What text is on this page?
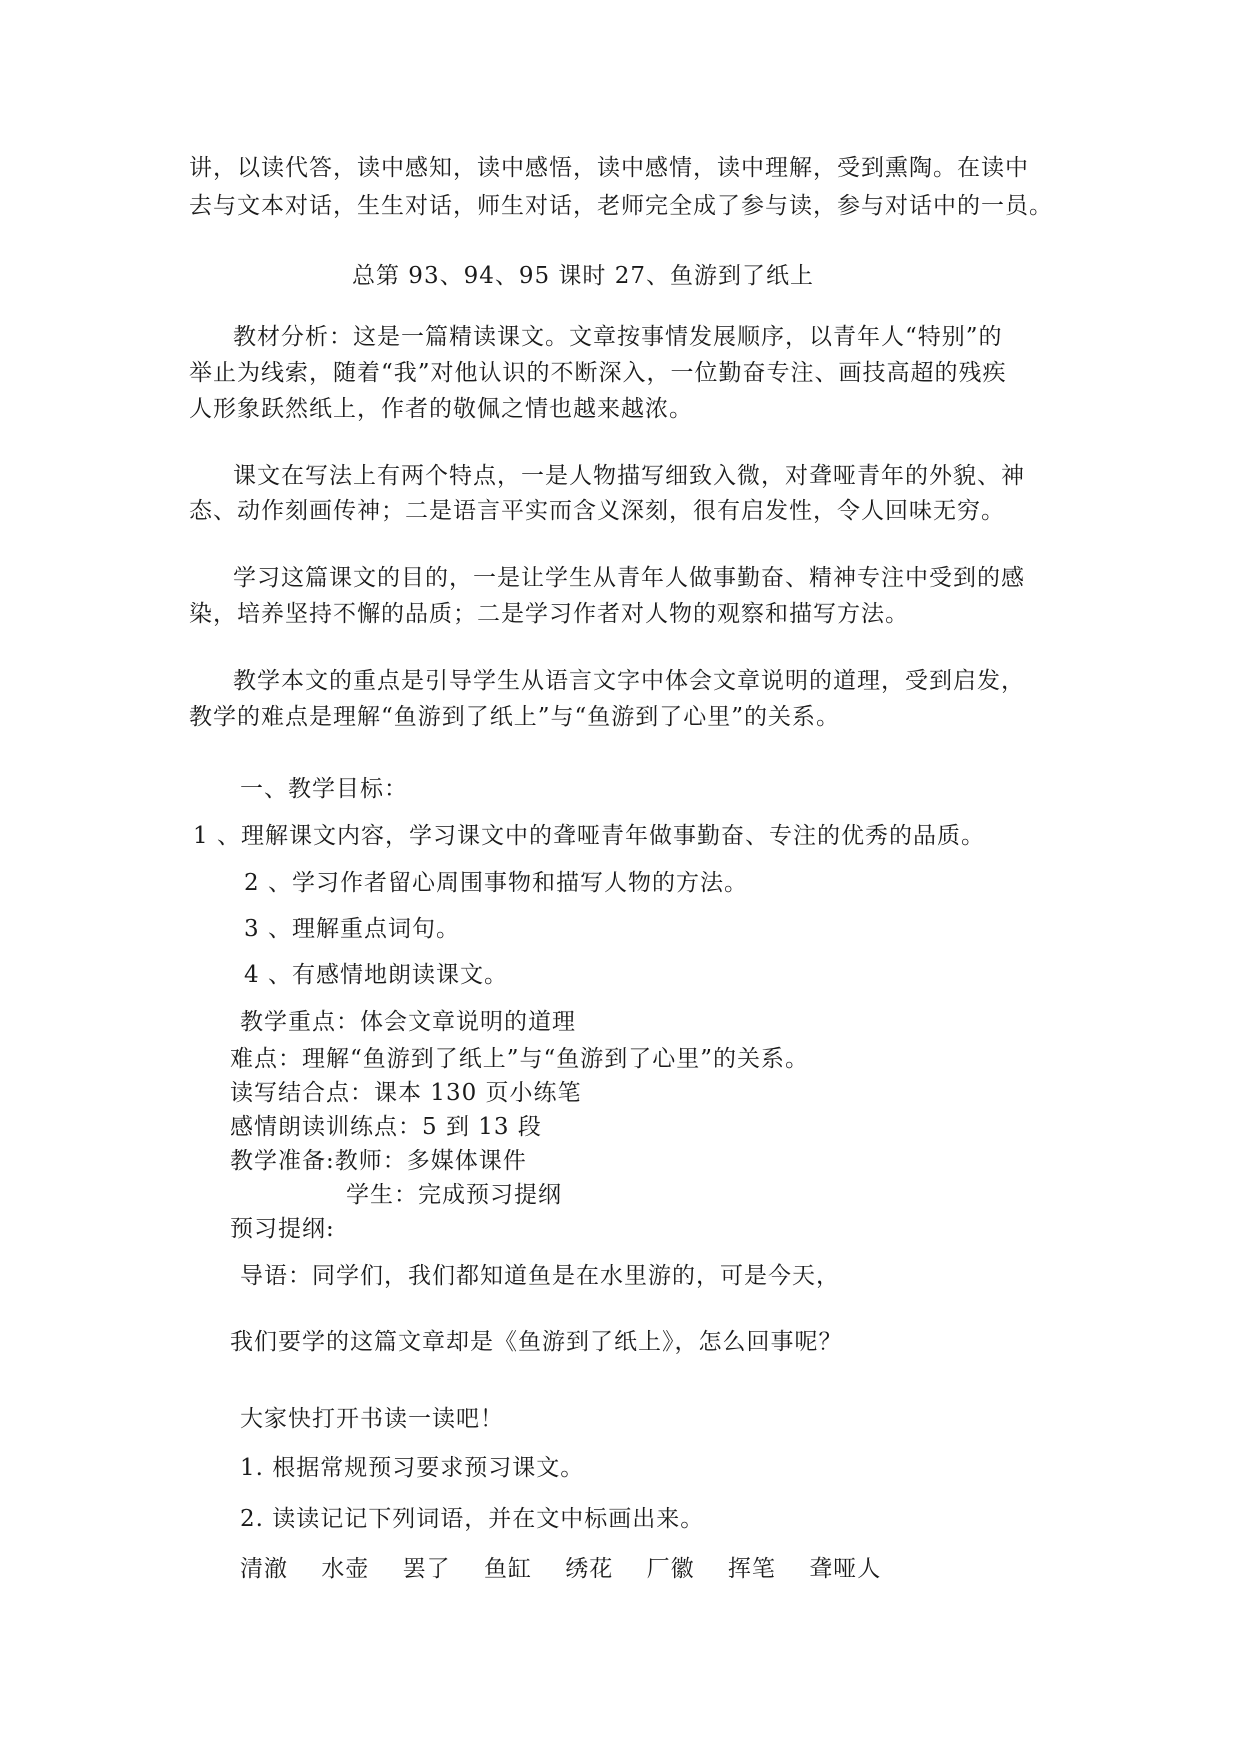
讲，以读代答，读中感知，读中感悟，读中感情，读中理解，受到熏陶。在读中
去与文本对话，生生对话，师生对话，老师完全成了参与读，参与对话中的一员。
总第 93、94、95 课时 27、鱼游到了纸上
教材分析：这是一篇精读课文。文章按事情发展顺序，以青年人“特别”的
举止为线索，随着“我”对他认识的不断深入，一位勤奋专注、画技高超的残疾
人形象跃然纸上，作者的敬佩之情也越来越浓。
课文在写法上有两个特点，一是人物描写细致入微，对聋哑青年的外貌、神
态、动作刻画传神；二是语言平实而含义深刻，很有启发性，令人回味无穷。
学习这篇课文的目的，一是让学生从青年人做事勤奋、精神专注中受到的感
染，培养坚持不懈的品质；二是学习作者对人物的观察和描写方法。
教学本文的重点是引导学生从语言文字中体会文章说明的道理，受到启发，
教学的难点是理解“鱼游到了纸上”与“鱼游到了心里”的关系。
一、教学目标：
1 、理解课文内容，学习课文中的聋哑青年做事勤奋、专注的优秀的品质。
2 、学习作者留心周围事物和描写人物的方法。
3 、理解重点词句。
4 、有感情地朗读课文。
教学重点：体会文章说明的道理
难点：理解“鱼游到了纸上”与“鱼游到了心里”的关系。
读写结合点：课本 130 页小练笔
感情朗读训练点：5 到 13 段
教学准备:教师：多媒体课件
学生：完成预习提纲
预习提纲:
导语：同学们，我们都知道鱼是在水里游的，可是今天，
我们要学的这篇文章却是《鱼游到了纸上》，怎么回事呢？
大家快打开书读一读吧！
1. 根据常规预习要求预习课文。
2. 读读记记下列词语，并在文中标画出来。
清澈 水壶 罢了 鱼缸 绣花 厂徽 挥笔 聋哑人
